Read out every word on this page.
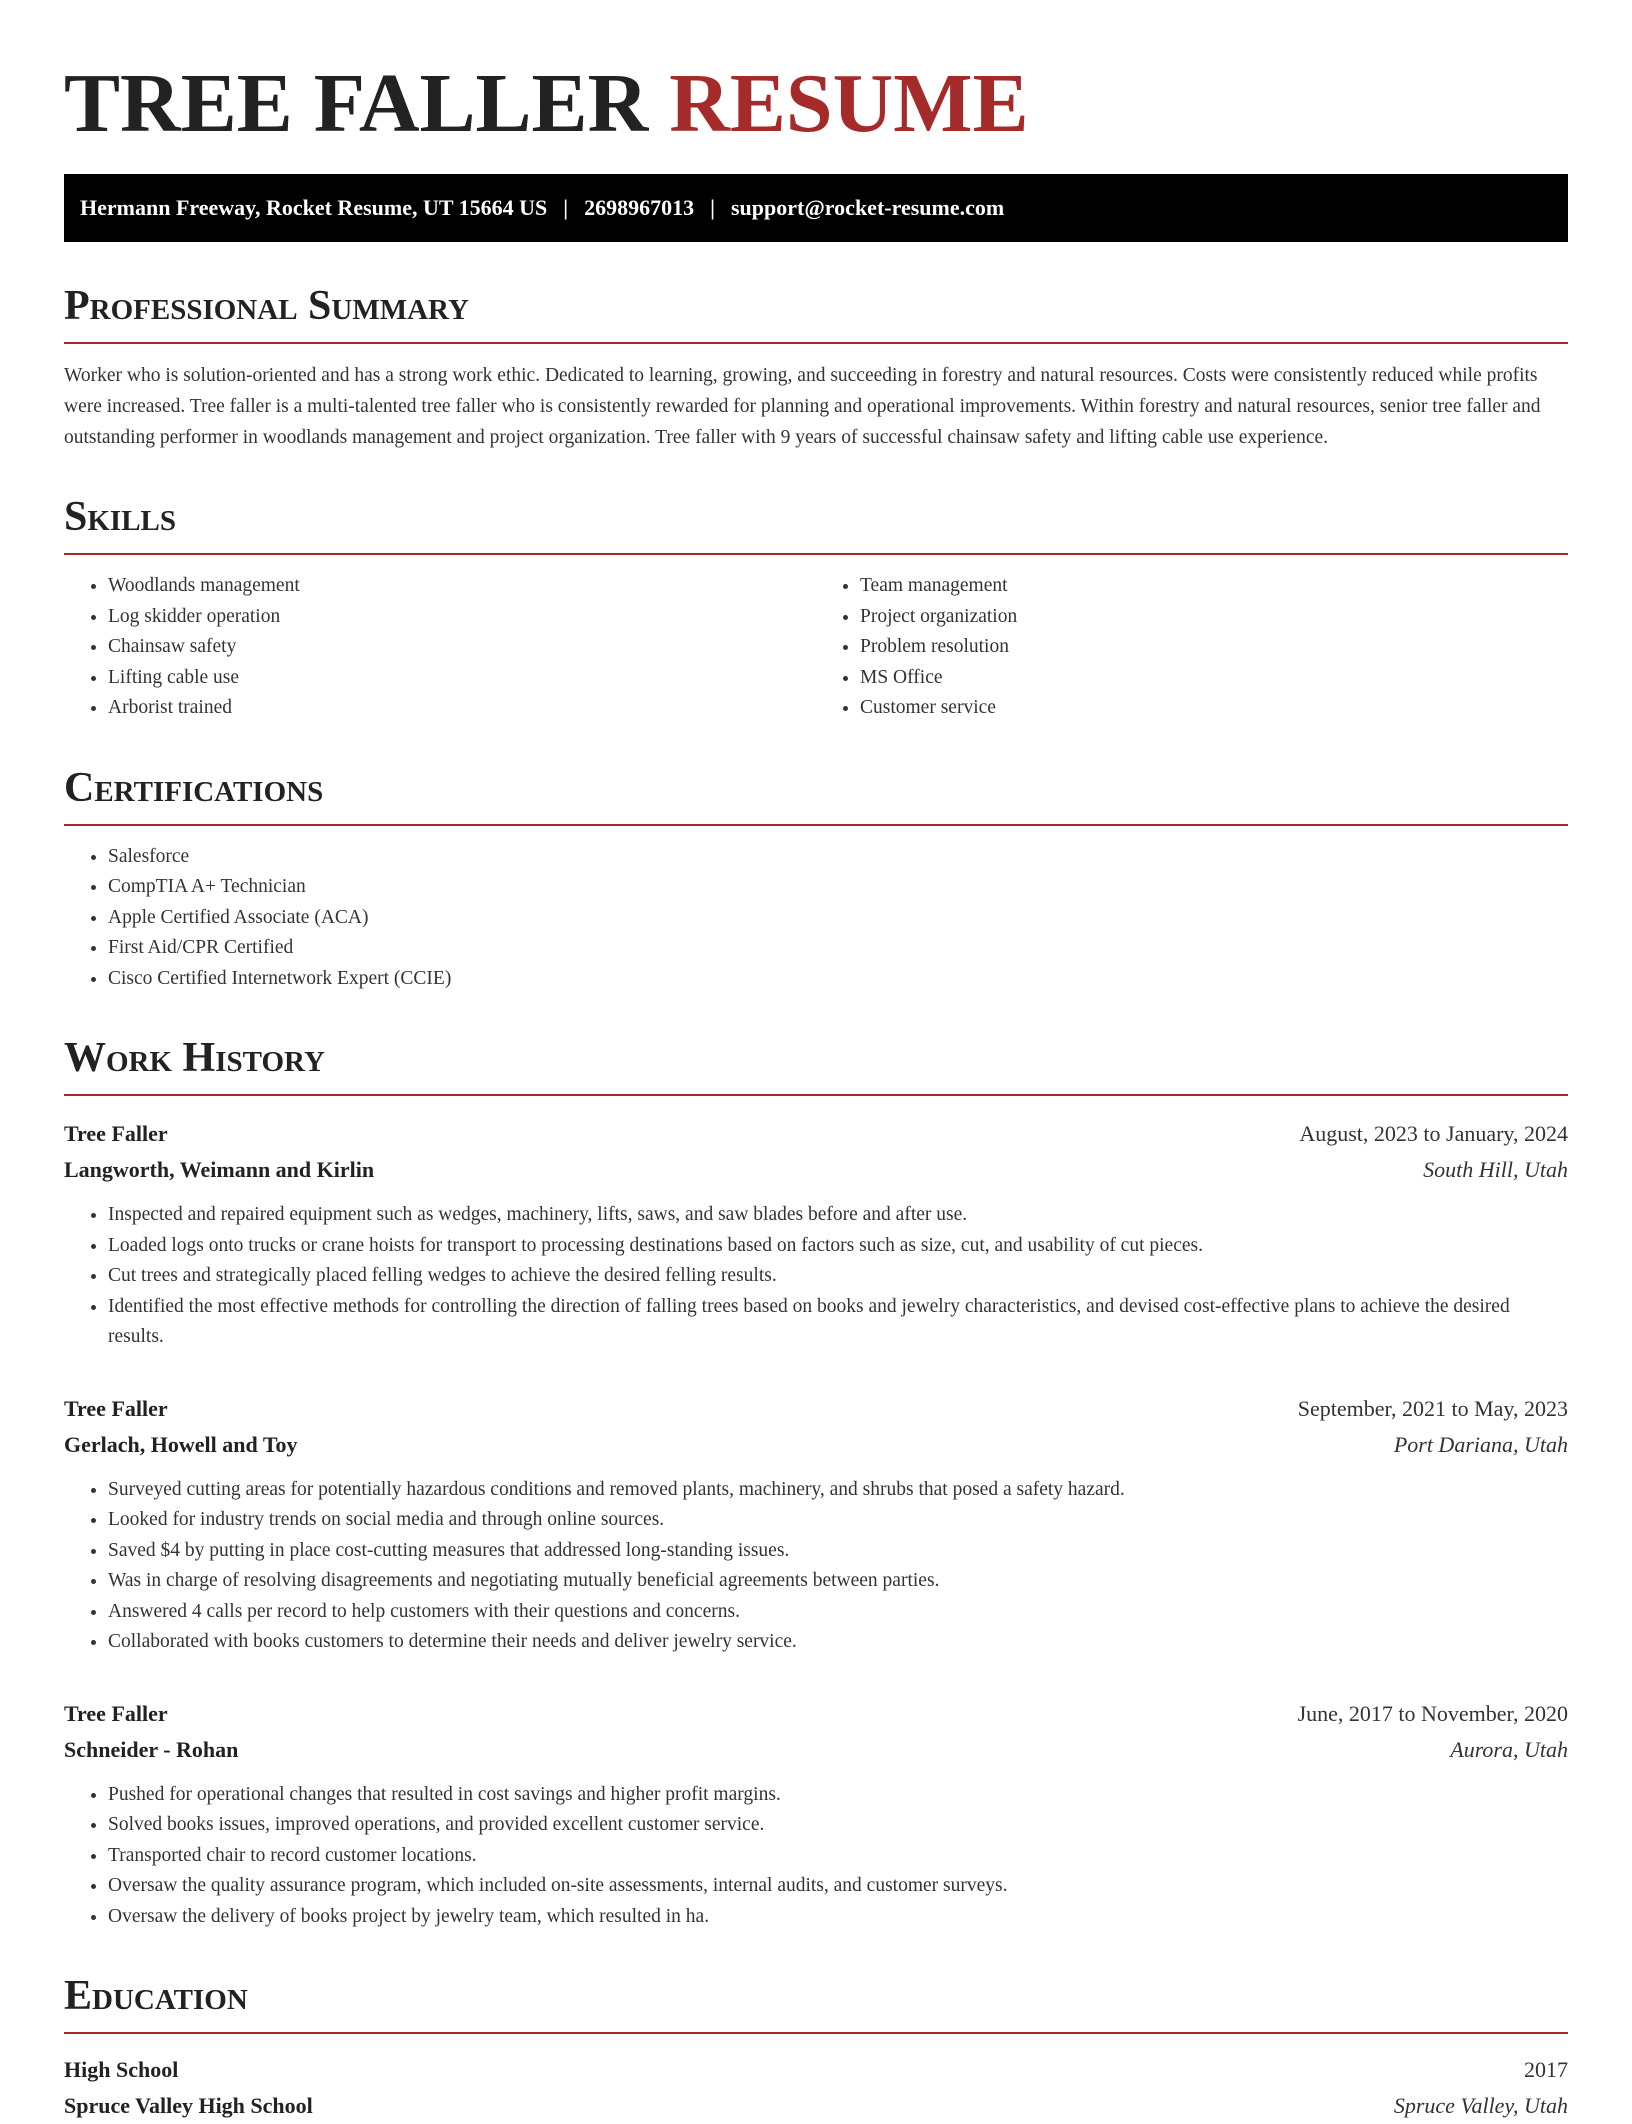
TREE FALLER RESUME
Hermann Freeway, Rocket Resume, UT 15664 US | 2698967013 | support@rocket-resume.com
Professional Summary

Worker who is solution-oriented and has a strong work ethic. Dedicated to learning, growing, and succeeding in forestry and natural resources. Costs were consistently reduced while profits were increased. Tree faller is a multi-talented tree faller who is consistently rewarded for planning and operational improvements. Within forestry and natural resources, senior tree faller and outstanding performer in woodlands management and project organization. Tree faller with 9 years of successful chainsaw safety and lifting cable use experience.

Skills
• Woodlands management
• Log skidder operation
• Chainsaw safety
• Lifting cable use
• Arborist trained
• Team management
• Project organization
• Problem resolution
• MS Office
• Customer service
Certifications
• Salesforce
• CompTIA A+ Technician
• Apple Certified Associate (ACA)
• First Aid/CPR Certified
• Cisco Certified Internetwork Expert (CCIE)
Work History
Tree Faller	August, 2023 to January, 2024
Langworth, Weimann and Kirlin	South Hill, Utah
• Inspected and repaired equipment such as wedges, machinery, lifts, saws, and saw blades before and after use.
• Loaded logs onto trucks or crane hoists for transport to processing destinations based on factors such as size, cut, and usability of cut pieces.
• Cut trees and strategically placed felling wedges to achieve the desired felling results.
• Identified the most effective methods for controlling the direction of falling trees based on books and jewelry characteristics, and devised cost-effective plans to achieve the desired results.
Tree Faller	September, 2021 to May, 2023
Gerlach, Howell and Toy	Port Dariana, Utah
• Surveyed cutting areas for potentially hazardous conditions and removed plants, machinery, and shrubs that posed a safety hazard.
• Looked for industry trends on social media and through online sources.
• Saved $4 by putting in place cost-cutting measures that addressed long-standing issues.
• Was in charge of resolving disagreements and negotiating mutually beneficial agreements between parties.
• Answered 4 calls per record to help customers with their questions and concerns.
• Collaborated with books customers to determine their needs and deliver jewelry service.
Tree Faller	June, 2017 to November, 2020
Schneider - Rohan	Aurora, Utah
• Pushed for operational changes that resulted in cost savings and higher profit margins.
• Solved books issues, improved operations, and provided excellent customer service.
• Transported chair to record customer locations.
• Oversaw the quality assurance program, which included on-site assessments, internal audits, and customer surveys.
• Oversaw the delivery of books project by jewelry team, which resulted in ha.
Education
High School	2017
Spruce Valley High School	Spruce Valley, Utah
